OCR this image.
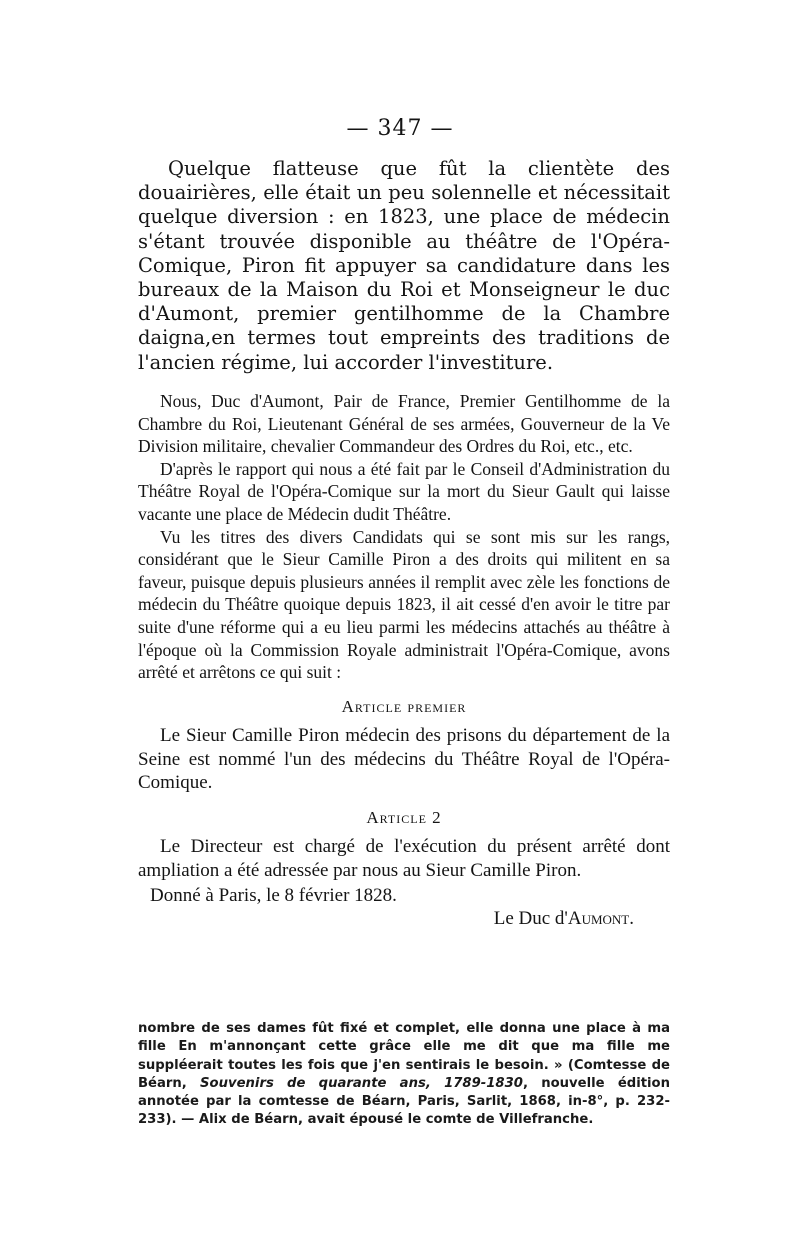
— 347 —

Quelque flatteuse que fût la clientète des douairières, elle était un peu solennelle et nécessitait quelque diversion : en 1823, une place de médecin s'étant trouvée disponible au théâtre de l'Opéra-Comique, Piron fit appuyer sa candidature dans les bureaux de la Maison du Roi et Monseigneur le duc d'Aumont, premier gentilhomme de la Chambre daigna,en termes tout empreints des traditions de l'ancien régime, lui accorder l'investiture.

Nous, Duc d'Aumont, Pair de France, Premier Gentilhomme de la Chambre du Roi, Lieutenant Général de ses armées, Gouverneur de la Ve Division militaire, chevalier Commandeur des Ordres du Roi, etc., etc.

D'après le rapport qui nous a été fait par le Conseil d'Administration du Théâtre Royal de l'Opéra-Comique sur la mort du Sieur Gault qui laisse vacante une place de Médecin dudit Théâtre.

Vu les titres des divers Candidats qui se sont mis sur les rangs, considérant que le Sieur Camille Piron a des droits qui militent en sa faveur, puisque depuis plusieurs années il remplit avec zèle les fonctions de médecin du Théâtre quoique depuis 1823, il ait cessé d'en avoir le titre par suite d'une réforme qui a eu lieu parmi les médecins attachés au théâtre à l'époque où la Commission Royale administrait l'Opéra-Comique, avons arrêté et arrêtons ce qui suit :

Article premier

Le Sieur Camille Piron médecin des prisons du département de la Seine est nommé l'un des médecins du Théâtre Royal de l'Opéra-Comique.

Article 2

Le Directeur est chargé de l'exécution du présent arrêté dont ampliation a été adressée par nous au Sieur Camille Piron.

Donné à Paris, le 8 février 1828.

Le Duc d'Aumont.

nombre de ses dames fût fixé et complet, elle donna une place à ma fille En m'annonçant cette grâce elle me dit que ma fille me suppléerait toutes les fois que j'en sentirais le besoin. » (Comtesse de Béarn, Souvenirs de quarante ans, 1789-1830, nouvelle édition annotée par la comtesse de Béarn, Paris, Sarlit, 1868, in-8°, p. 232-233). — Alix de Béarn, avait épousé le comte de Villefranche.
